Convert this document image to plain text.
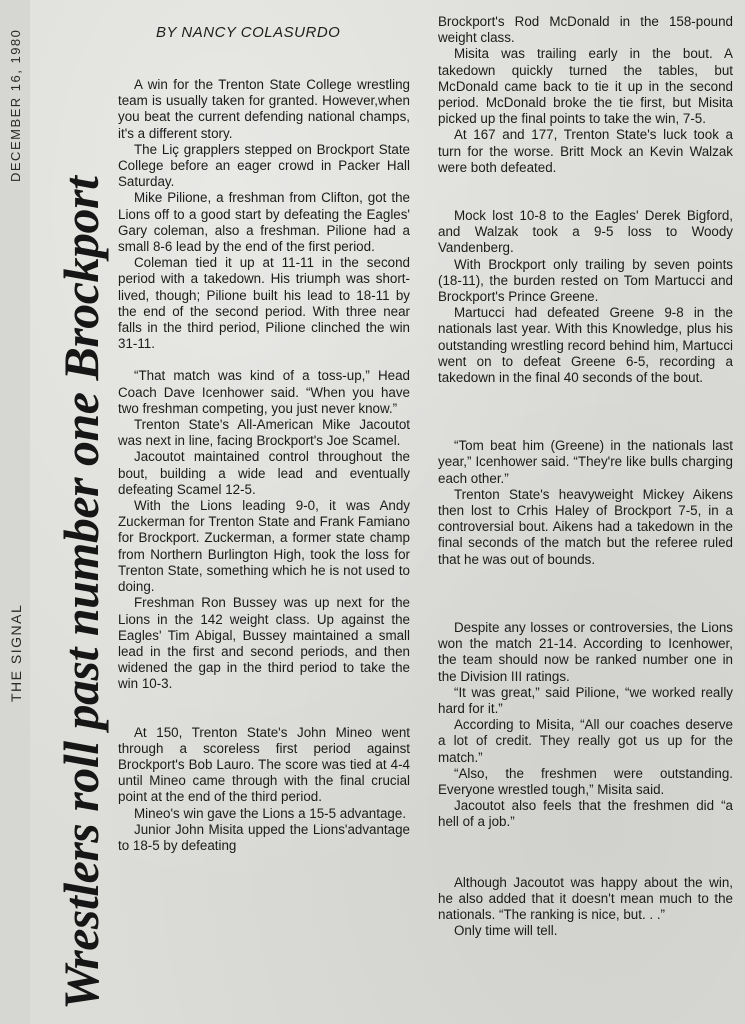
DECEMBER 16, 1980
THE SIGNAL Wrestlers roll past number one Brockport
BY NANCY COLASURDO

A win for the Trenton State College wrestling team is usually taken for granted. However,when you beat the current defending national champs, it's a different story.

The Liç grapplers stepped on Brockport State College before an eager crowd in Packer Hall Saturday.

Mike Pilione, a freshman from Clifton, got the Lions off to a good start by defeating the Eagles' Gary coleman, also a freshman. Pilione had a small 8-6 lead by the end of the first period.

Coleman tied it up at 11-11 in the second period with a takedown. His triumph was short-lived, though; Pilione built his lead to 18-11 by the end of the second period. With three near falls in the third period, Pilione clinched the win 31-11.

“That match was kind of a toss-up,” Head Coach Dave Icenhower said. “When you have two freshman competing, you just never know.”

Trenton State's All-American Mike Jacoutot was next in line, facing Brockport's Joe Scamel.

Jacoutot maintained control throughout the bout, building a wide lead and eventually defeating Scamel 12-5.

With the Lions leading 9-0, it was Andy Zuckerman for Trenton State and Frank Famiano for Brockport. Zuckerman, a former state champ from Northern Burlington High, took the loss for Trenton State, something which he is not used to doing.

Freshman Ron Bussey was up next for the Lions in the 142 weight class. Up against the Eagles' Tim Abigal, Bussey maintained a small lead in the first and second periods, and then widened the gap in the third period to take the win 10-3.

At 150, Trenton State's John Mineo went through a scoreless first period against Brockport's Bob Lauro. The score was tied at 4-4 until Mineo came through with the final crucial point at the end of the third period.

Mineo's win gave the Lions a 15-5 advantage.

Junior John Misita upped the Lions'advantage to 18-5 by defeating

Brockport's Rod McDonald in the 158-pound weight class.

Misita was trailing early in the bout. A takedown quickly turned the tables, but McDonald came back to tie it up in the second period. McDonald broke the tie first, but Misita picked up the final points to take the win, 7-5.

At 167 and 177, Trenton State's luck took a turn for the worse. Britt Mock an Kevin Walzak were both defeated.

Mock lost 10-8 to the Eagles' Derek Bigford, and Walzak took a 9-5 loss to Woody Vandenberg.

With Brockport only trailing by seven points (18-11), the burden rested on Tom Martucci and Brockport's Prince Greene.

Martucci had defeated Greene 9-8 in the nationals last year. With this Knowledge, plus his outstanding wrestling record behind him, Martucci went on to defeat Greene 6-5, recording a takedown in the final 40 seconds of the bout.

“Tom beat him (Greene) in the nationals last year,” Icenhower said. “They're like bulls charging each other.”

Trenton State's heavyweight Mickey Aikens then lost to Crhis Haley of Brockport 7-5, in a controversial bout. Aikens had a takedown in the final seconds of the match but the referee ruled that he was out of bounds.

Despite any losses or controversies, the Lions won the match 21-14. According to Icenhower, the team should now be ranked number one in the Division III ratings.

“It was great,” said Pilione, “we worked really hard for it.”

According to Misita, “All our coaches deserve a lot of credit. They really got us up for the match.”

“Also, the freshmen were outstanding. Everyone wrestled tough,” Misita said.

Jacoutot also feels that the freshmen did “a hell of a job.”

Although Jacoutot was happy about the win, he also added that it doesn't mean much to the nationals. “The ranking is nice, but. . .”

Only time will tell.
